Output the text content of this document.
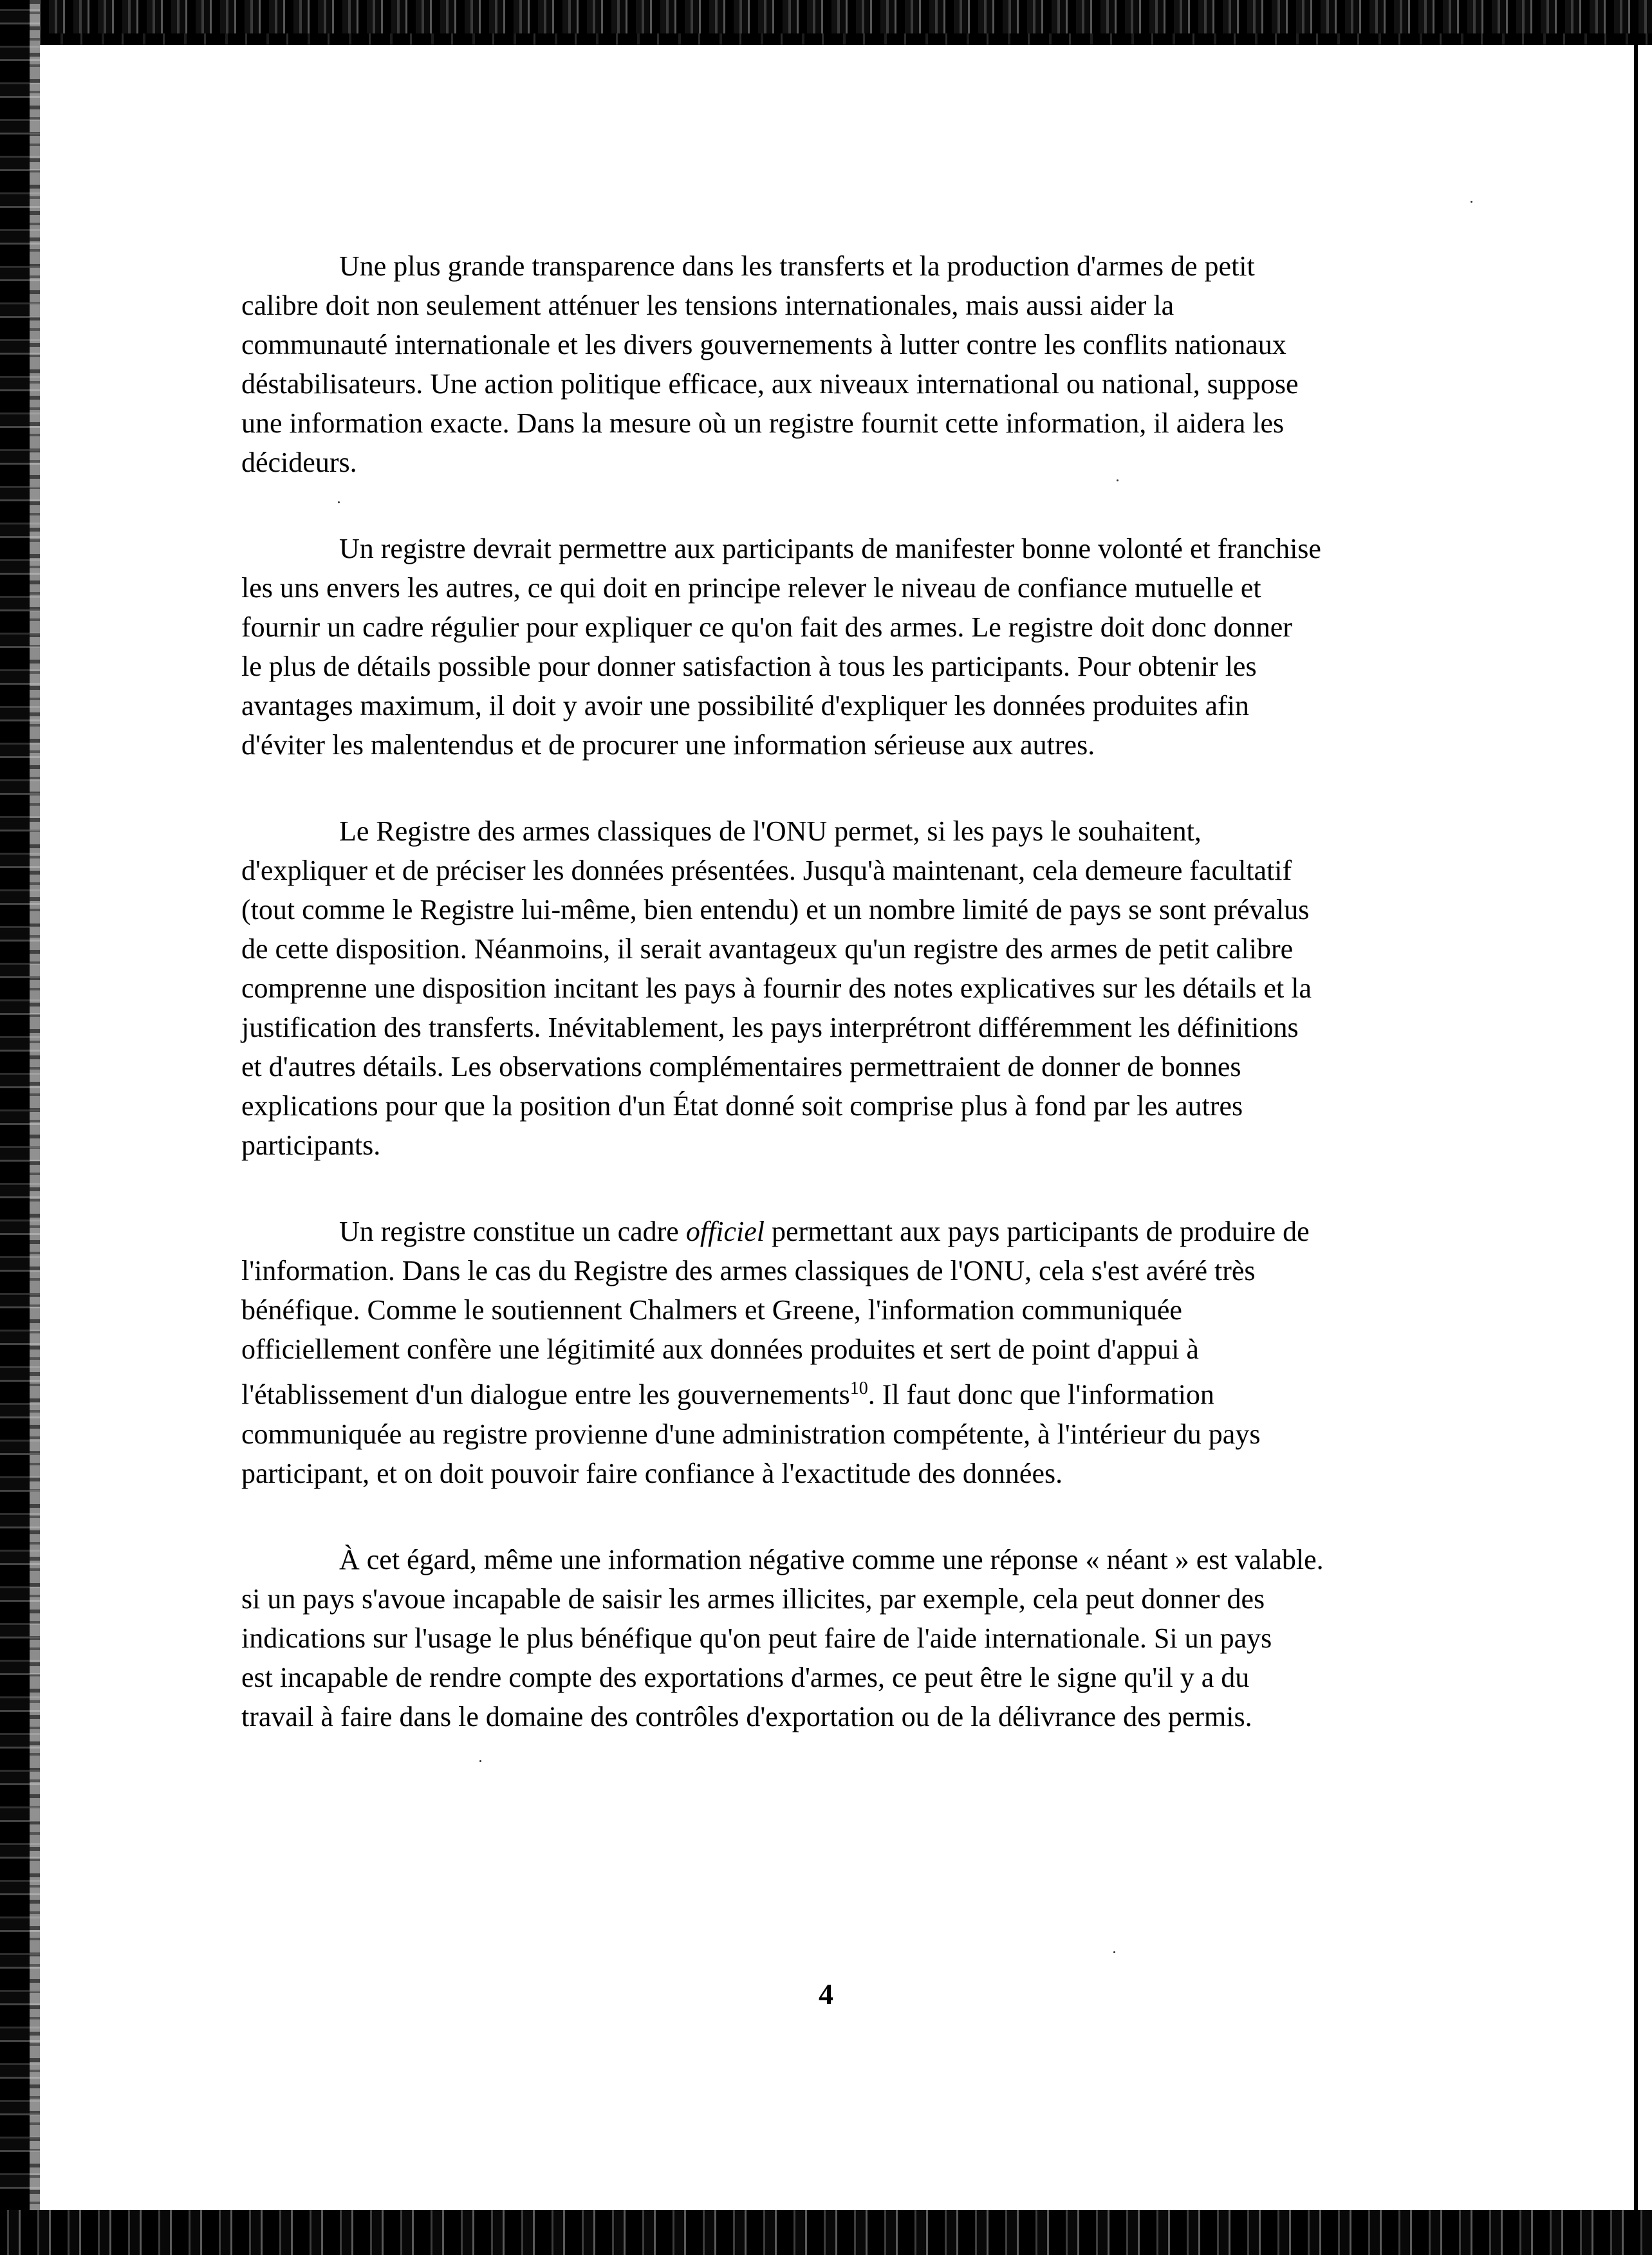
Une plus grande transparence dans les transferts et la production d'armes de petit
calibre doit non seulement atténuer les tensions internationales, mais aussi aider la
communauté internationale et les divers gouvernements à lutter contre les conflits nationaux
déstabilisateurs. Une action politique efficace, aux niveaux international ou national, suppose
une information exacte. Dans la mesure où un registre fournit cette information, il aidera les
décideurs.

Un registre devrait permettre aux participants de manifester bonne volonté et franchise
les uns envers les autres, ce qui doit en principe relever le niveau de confiance mutuelle et
fournir un cadre régulier pour expliquer ce qu'on fait des armes. Le registre doit donc donner
le plus de détails possible pour donner satisfaction à tous les participants. Pour obtenir les
avantages maximum, il doit y avoir une possibilité d'expliquer les données produites afin
d'éviter les malentendus et de procurer une information sérieuse aux autres.

Le Registre des armes classiques de l'ONU permet, si les pays le souhaitent,
d'expliquer et de préciser les données présentées. Jusqu'à maintenant, cela demeure facultatif
(tout comme le Registre lui-même, bien entendu) et un nombre limité de pays se sont prévalus
de cette disposition. Néanmoins, il serait avantageux qu'un registre des armes de petit calibre
comprenne une disposition incitant les pays à fournir des notes explicatives sur les détails et la
justification des transferts. Inévitablement, les pays interprétront différemment les définitions
et d'autres détails. Les observations complémentaires permettraient de donner de bonnes
explications pour que la position d'un État donné soit comprise plus à fond par les autres
participants.

Un registre constitue un cadre officiel permettant aux pays participants de produire de
l'information. Dans le cas du Registre des armes classiques de l'ONU, cela s'est avéré très
bénéfique. Comme le soutiennent Chalmers et Greene, l'information communiquée
officiellement confère une légitimité aux données produites et sert de point d'appui à
l'établissement d'un dialogue entre les gouvernements$^{10}$. Il faut donc que l'information
communiquée au registre provienne d'une administration compétente, à l'intérieur du pays
participant, et on doit pouvoir faire confiance à l'exactitude des données.

À cet égard, même une information négative comme une réponse « néant » est valable.
si un pays s'avoue incapable de saisir les armes illicites, par exemple, cela peut donner des
indications sur l'usage le plus bénéfique qu'on peut faire de l'aide internationale. Si un pays
est incapable de rendre compte des exportations d'armes, ce peut être le signe qu'il y a du
travail à faire dans le domaine des contrôles d'exportation ou de la délivrance des permis.

4
